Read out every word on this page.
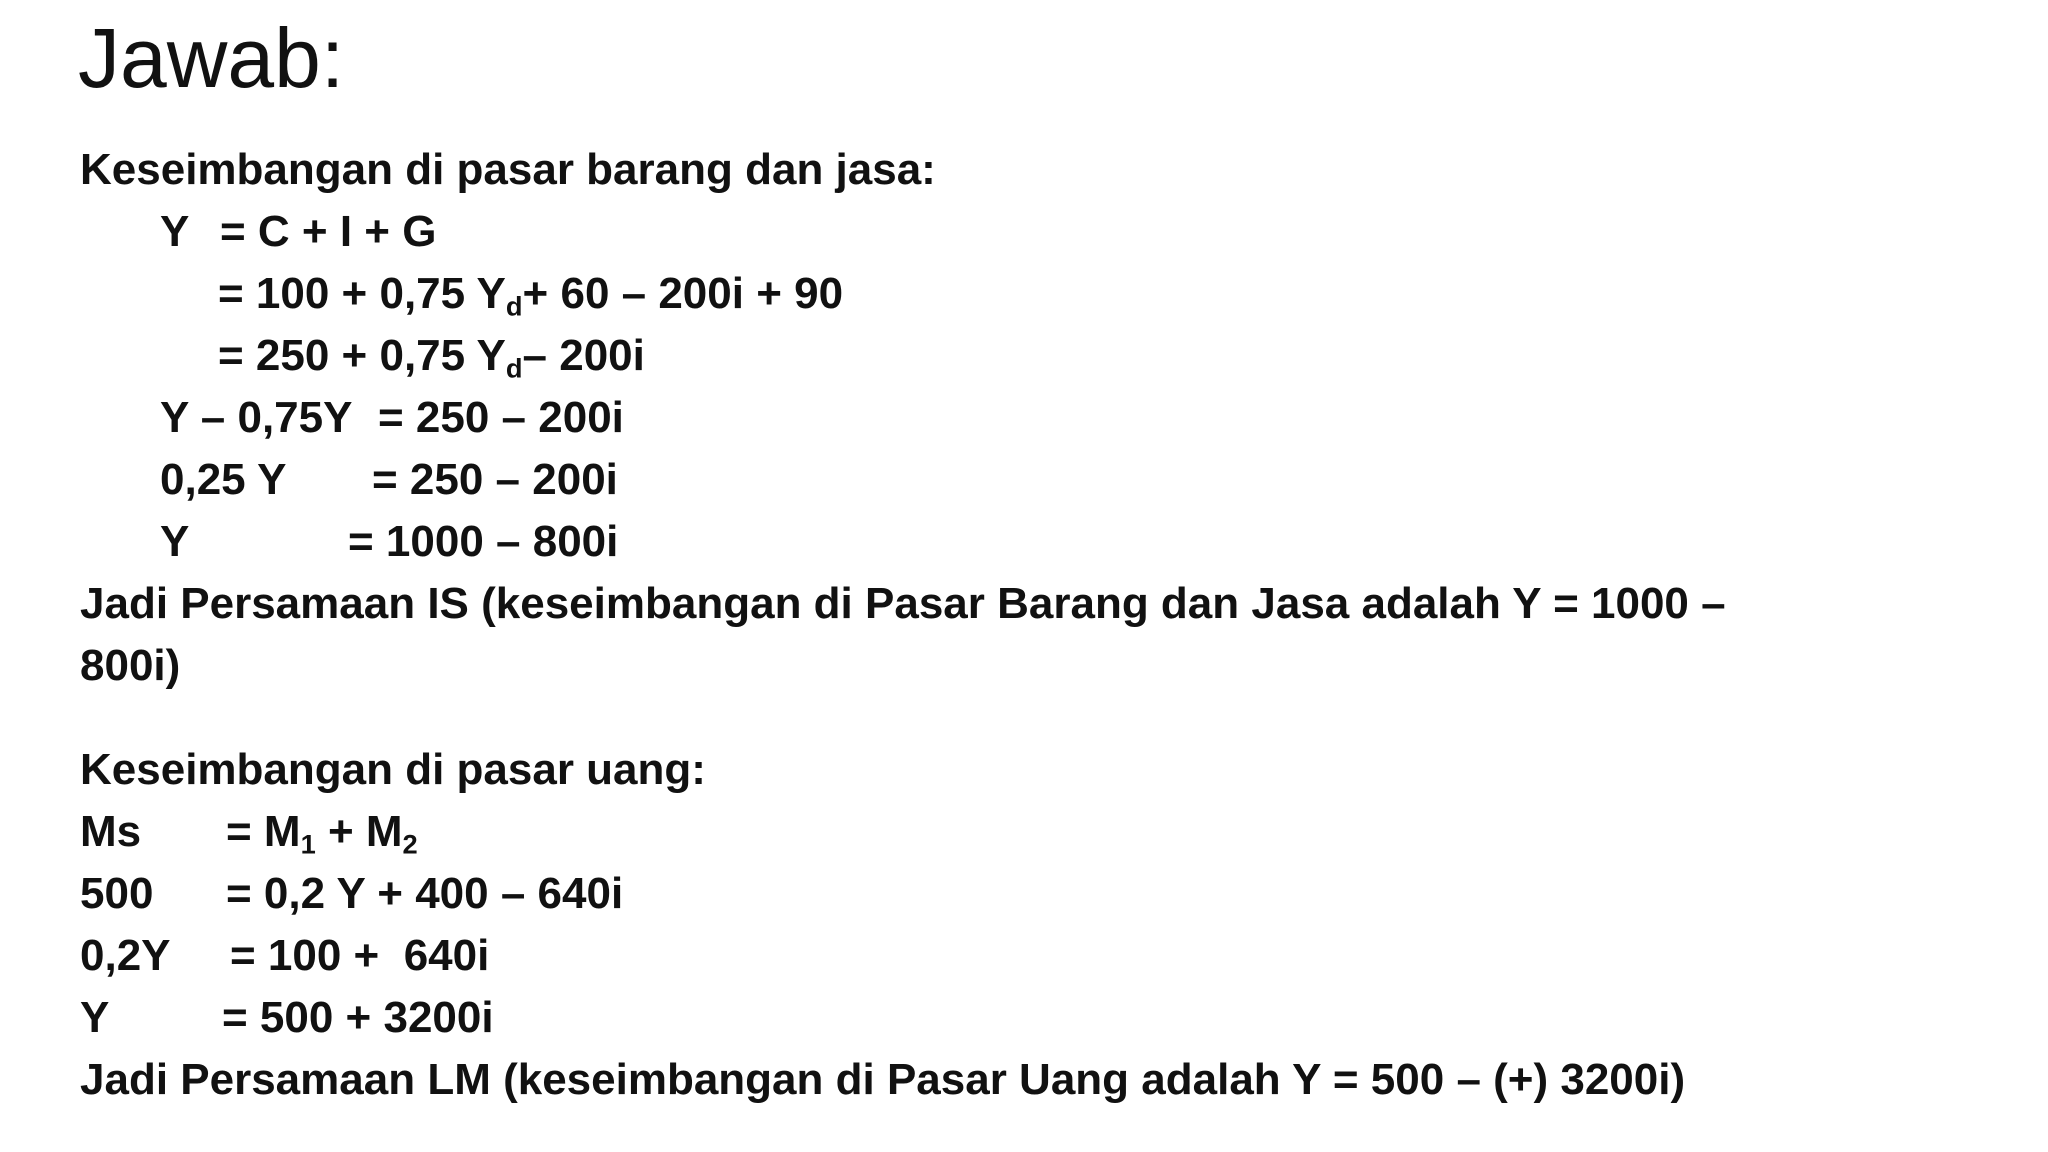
Jawab:
Keseimbangan di pasar barang dan jasa:
Y = C + I + G
= 100 + 0,75 $Y_d+ 60 - 200i + 90$
= 250 + 0,75 $Y_d-$ 200i
Y – 0,75Y = 250 – 200i
0,25 Y = 250 – 200i
Y	= 1000 – 800i
Jadi Persamaan IS (keseimbangan di Pasar Barang dan Jasa adalah Y = 1000 –
800i)
Keseimbangan di pasar uang:
$Ms = M_1 + M_2$
500 = 0,2 Y + 400 – 640i
0,2Y = 100 +  640i
Y	= 500 + 3200i
Jadi Persamaan LM (keseimbangan di Pasar Uang adalah Y = 500 – (+) 3200i)
